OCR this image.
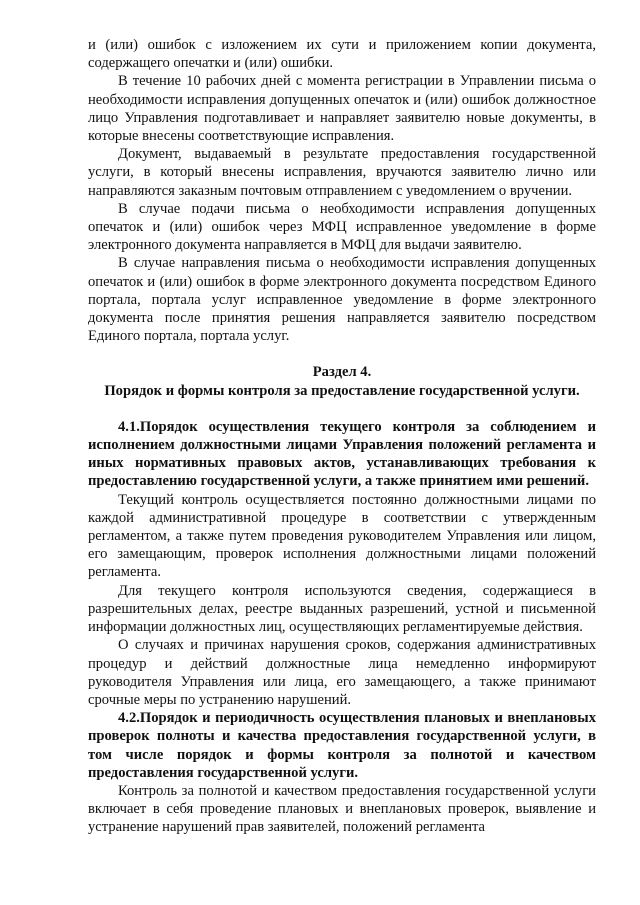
и (или) ошибок с изложением их сути и приложением копии документа, содержащего опечатки и (или) ошибки.

В течение 10 рабочих дней с момента регистрации в Управлении письма о необходимости исправления допущенных опечаток и (или) ошибок должностное лицо Управления подготавливает и направляет заявителю новые документы, в которые внесены соответствующие исправления.

Документ, выдаваемый в результате предоставления государственной услуги, в который внесены исправления, вручаются заявителю лично или направляются заказным почтовым отправлением с уведомлением о вручении.

В случае подачи письма о необходимости исправления допущенных опечаток и (или) ошибок через МФЦ исправленное уведомление в форме электронного документа направляется в МФЦ для выдачи заявителю.

В случае направления письма о необходимости исправления допущенных опечаток и (или) ошибок в форме электронного документа посредством Единого портала, портала услуг исправленное уведомление в форме электронного документа после принятия решения направляется заявителю посредством Единого портала, портала услуг.

Раздел 4.

Порядок и формы контроля за предоставление государственной услуги.

4.1.Порядок осуществления текущего контроля за соблюдением и исполнением должностными лицами Управления положений регламента и иных нормативных правовых актов, устанавливающих требования к предоставлению государственной услуги, а также принятием ими решений.

Текущий контроль осуществляется постоянно должностными лицами по каждой административной процедуре в соответствии с утвержденным регламентом, а также путем проведения руководителем Управления или лицом, его замещающим, проверок исполнения должностными лицами положений регламента.

Для текущего контроля используются сведения, содержащиеся в разрешительных делах, реестре выданных разрешений, устной и письменной информации должностных лиц, осуществляющих регламентируемые действия.

О случаях и причинах нарушения сроков, содержания административных процедур и действий должностные лица немедленно информируют руководителя Управления или лица, его замещающего, а также принимают срочные меры по устранению нарушений.

4.2.Порядок и периодичность осуществления плановых и внеплановых проверок полноты и качества предоставления государственной услуги, в том числе порядок и формы контроля за полнотой и качеством предоставления государственной услуги.

Контроль за полнотой и качеством предоставления государственной услуги включает в себя проведение плановых и внеплановых проверок, выявление и устранение нарушений прав заявителей, положений регламента
